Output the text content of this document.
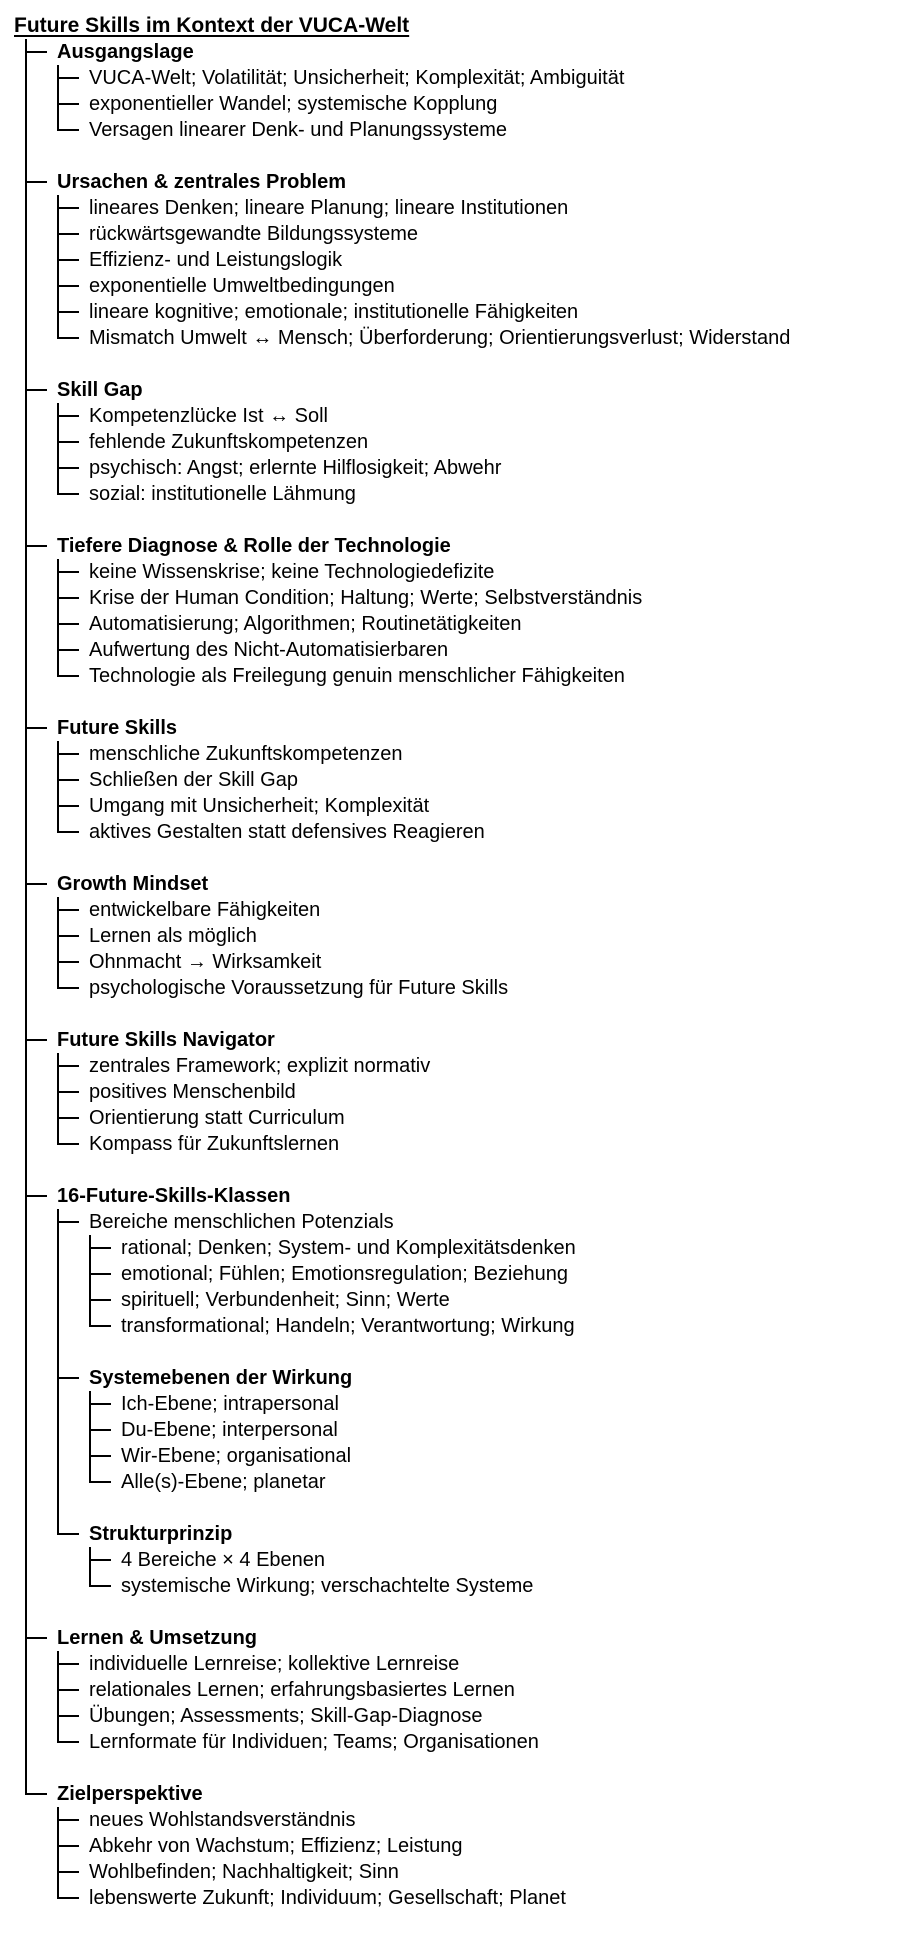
Future Skills im Kontext der VUCA-Welt
Ausgangslage
VUCA-Welt; Volatilität; Unsicherheit; Komplexität; Ambiguität
exponentieller Wandel; systemische Kopplung
Versagen linearer Denk- und Planungssysteme
Ursachen & zentrales Problem
lineares Denken; lineare Planung; lineare Institutionen
rückwärtsgewandte Bildungssysteme
Effizienz- und Leistungslogik
exponentielle Umweltbedingungen
lineare kognitive; emotionale; institutionelle Fähigkeiten
Mismatch Umwelt ↔ Mensch; Überforderung; Orientierungsverlust; Widerstand
Skill Gap
Kompetenzlücke Ist ↔ Soll
fehlende Zukunftskompetenzen
psychisch: Angst; erlernte Hilflosigkeit; Abwehr
sozial: institutionelle Lähmung
Tiefere Diagnose & Rolle der Technologie
keine Wissenskrise; keine Technologiedefizite
Krise der Human Condition; Haltung; Werte; Selbstverständnis
Automatisierung; Algorithmen; Routinetätigkeiten
Aufwertung des Nicht-Automatisierbaren
Technologie als Freilegung genuin menschlicher Fähigkeiten
Future Skills
menschliche Zukunftskompetenzen
Schließen der Skill Gap
Umgang mit Unsicherheit; Komplexität
aktives Gestalten statt defensives Reagieren
Growth Mindset
entwickelbare Fähigkeiten
Lernen als möglich
Ohnmacht → Wirksamkeit
psychologische Voraussetzung für Future Skills
Future Skills Navigator
zentrales Framework; explizit normativ
positives Menschenbild
Orientierung statt Curriculum
Kompass für Zukunftslernen
16-Future-Skills-Klassen
Bereiche menschlichen Potenzials
rational; Denken; System- und Komplexitätsdenken
emotional; Fühlen; Emotionsregulation; Beziehung
spirituell; Verbundenheit; Sinn; Werte
transformational; Handeln; Verantwortung; Wirkung
Systemebenen der Wirkung
Ich-Ebene; intrapersonal
Du-Ebene; interpersonal
Wir-Ebene; organisational
Alle(s)-Ebene; planetar
Strukturprinzip
4 Bereiche × 4 Ebenen
systemische Wirkung; verschachtelte Systeme
Lernen & Umsetzung
individuelle Lernreise; kollektive Lernreise
relationales Lernen; erfahrungsbasiertes Lernen
Übungen; Assessments; Skill-Gap-Diagnose
Lernformate für Individuen; Teams; Organisationen
Zielperspektive
neues Wohlstandsverständnis
Abkehr von Wachstum; Effizienz; Leistung
Wohlbefinden; Nachhaltigkeit; Sinn
lebenswerte Zukunft; Individuum; Gesellschaft; Planet
